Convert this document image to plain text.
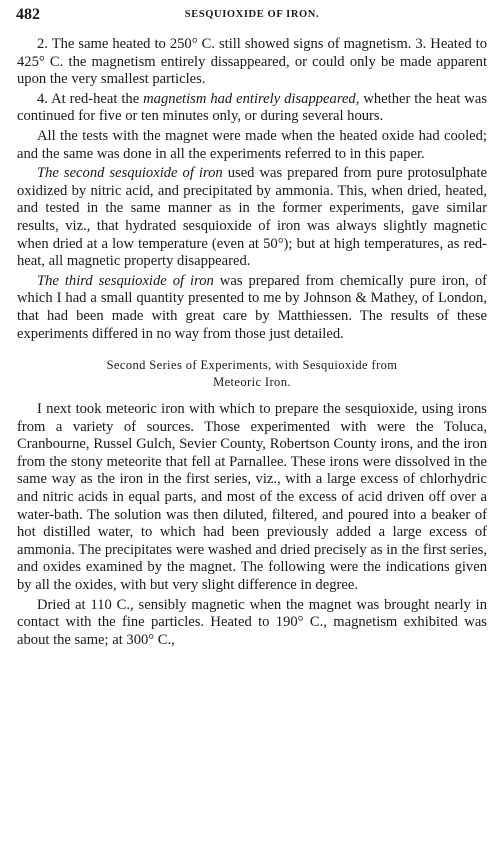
482	SESQUIOXIDE OF IRON.

2. The same heated to 250° C. still showed signs of magnetism. 3. Heated to 425° C. the magnetism entirely dissappeared, or could only be made apparent upon the very smallest particles.

4. At red-heat the magnetism had entirely disappeared, whether the heat was continued for five or ten minutes only, or during several hours.

All the tests with the magnet were made when the heated oxide had cooled; and the same was done in all the experiments referred to in this paper.

The second sesquioxide of iron used was prepared from pure protosulphate oxidized by nitric acid, and precipitated by ammonia. This, when dried, heated, and tested in the same manner as in the former experiments, gave similar results, viz., that hydrated sesquioxide of iron was always slightly magnetic when dried at a low temperature (even at 50°); but at high temperatures, as red-heat, all magnetic property disappeared.

The third sesquioxide of iron was prepared from chemically pure iron, of which I had a small quantity presented to me by Johnson & Mathey, of London, that had been made with great care by Matthiessen. The results of these experiments differed in no way from those just detailed.

Second Series of Experiments, with Sesquioxide from
Meteoric Iron.

I next took meteoric iron with which to prepare the sesquioxide, using irons from a variety of sources. Those experimented with were the Toluca, Cranbourne, Russel Gulch, Sevier County, Robertson County irons, and the iron from the stony meteorite that fell at Parnallee. These irons were dissolved in the same way as the iron in the first series, viz., with a large excess of chlorhydric and nitric acids in equal parts, and most of the excess of acid driven off over a water-bath. The solution was then diluted, filtered, and poured into a beaker of hot distilled water, to which had been previously added a large excess of ammonia. The precipitates were washed and dried precisely as in the first series, and oxides examined by the magnet. The following were the indications given by all the oxides, with but very slight difference in degree.

Dried at 110 C., sensibly magnetic when the magnet was brought nearly in contact with the fine particles. Heated to 190° C., magnetism exhibited was about the same; at 300° C.,
